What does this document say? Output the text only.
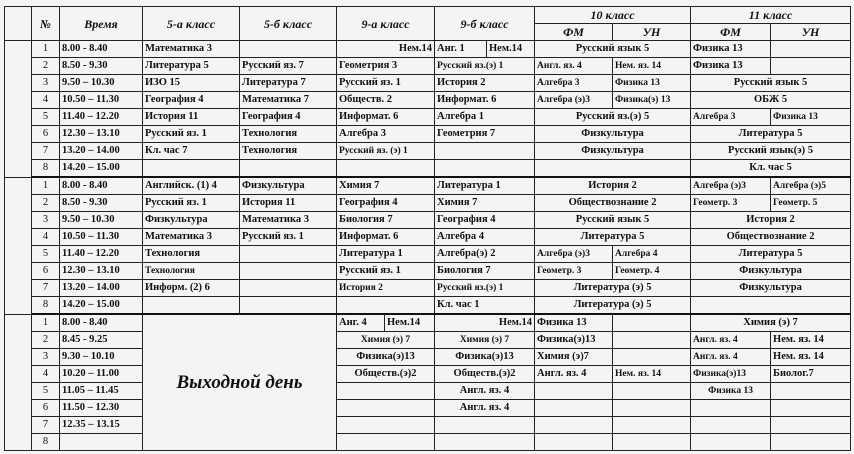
	№	Время	5-а класс	5-б класс	9-а класс		9-б класс		10 класс		11 класс	
									ФМ	УН	ФМ	УН
	1	8.00 - 8.40	Математика 3		Нем.14		Анг. 1	Нем.14	Русский язык 5		Физика 13	
	2	8.50 - 9.30	Литература 5	Русский яз. 7	Геометрия 3		Русский яз.(э) 1		Англ. яз. 4	Нем. яз. 14	Физика 13	
	3	9.50 – 10.30	ИЗО 15	Литература 7	Русский яз. 1		История 2		Алгебра 3	Физика 13	Русский язык 5	
	4	10.50 – 11.30	География 4	Математика 7	Обществ. 2		Информат. 6		Алгебра (э)3	Физика(э) 13	ОБЖ 5	
	5	11.40 – 12.20	История 11	География 4	Информат. 6		Алгебра 1		Русский яз.(э) 5		Алгебра 3	Физика 13
	6	12.30 – 13.10	Русский яз. 1	Технология	Алгебра 3		Геометрия 7		Физкультура		Литература 5	
	7	13.20 – 14.00	Кл. час 7	Технология	Русский яз. (э) 1				Физкультура		Русский язык(э) 5	
	8	14.20 – 15.00									Кл. час 5	
	1	8.00 - 8.40	Английск. (1) 4	Физкультура	Химия 7		Литература 1		История 2		Алгебра (э)3	Алгебра (э)5
	2	8.50 - 9.30	Русский яз. 1	История 11	География 4		Химия 7		Обществознание 2		Геометр. 3	Геометр. 5
	3	9.50 – 10.30	Физкультура	Математика 3	Биология 7		География 4		Русский язык 5		История 2	
	4	10.50 – 11.30	Математика 3	Русский яз. 1	Информат. 6		Алгебра 4		Литература 5		Обществознание 2	
	5	11.40 – 12.20	Технология		Литература 1		Алгебра(э) 2		Алгебра (э)3	Алгебра 4	Литература 5	
	6	12.30 – 13.10	Технология		Русский яз. 1		Биология 7		Геометр. 3	Геометр. 4	Физкультура	
	7	13.20 – 14.00	Информ. (2) 6		История 2		Русский яз.(э) 1		Литература (э) 5		Физкультура	
	8	14.20 – 15.00					Кл. час 1		Литература (э) 5			
	1	8.00 - 8.40	Выходной день		Анг. 4	Нем.14	Нем.14		Физика 13		Химия (э) 7	
	2	8.45 - 9.25			Химия (э) 7		Химия (э) 7		Физика(э)13		Англ. яз. 4	Нем. яз. 14
	3	9.30 – 10.10			Физика(э)13		Физика(э)13		Химия (э)7		Англ. яз. 4	Нем. яз. 14
	4	10.20 – 11.00			Обществ.(э)2		Обществ.(э)2		Англ. яз. 4	Нем. яз. 14	Физика(э)13	Биолог.7
	5	11.05 – 11.45					Англ. яз. 4				Физика 13	
	6	11.50 – 12.30					Англ. яз. 4					
	7	12.35 – 13.15										
	8											
